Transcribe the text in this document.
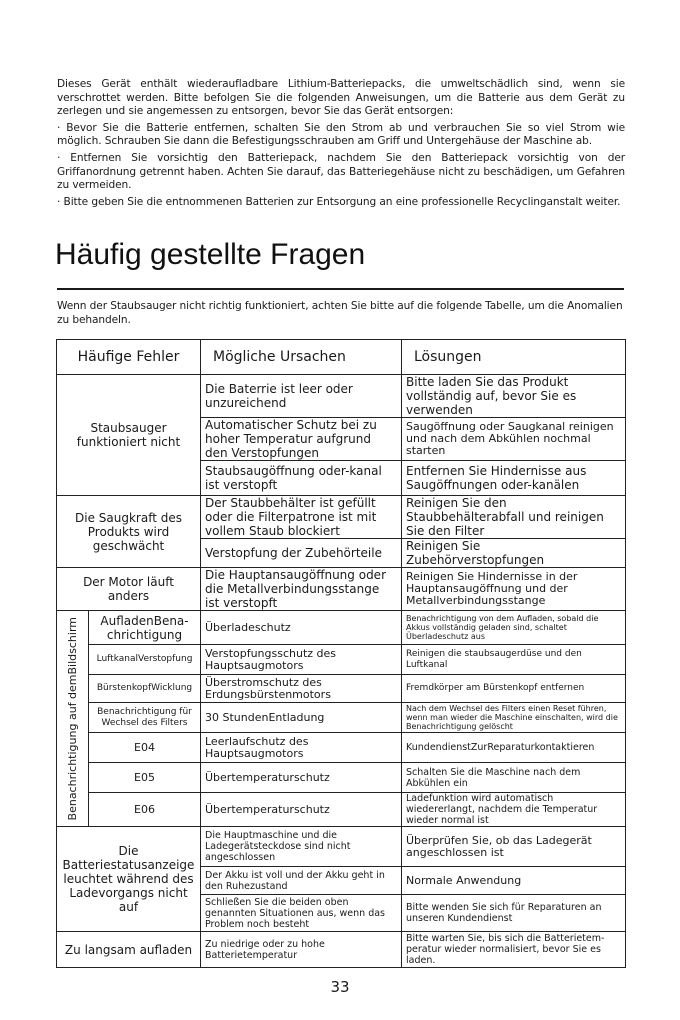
Dieses Gerät enthält wiederaufladbare Lithium-Batteriepacks, die umweltschädlich sind, wenn sie verschrottet werden. Bitte befolgen Sie die folgenden Anweisungen, um die Batterie aus dem Gerät zu zerlegen und sie angemessen zu entsorgen, bevor Sie das Gerät entsorgen:

· Bevor Sie die Batterie entfernen, schalten Sie den Strom ab und verbrauchen Sie so viel Strom wie möglich. Schrauben Sie dann die Befestigungsschrauben am Griff und Untergehäuse der Maschine ab.

· Entfernen Sie vorsichtig den Batteriepack, nachdem Sie den Batteriepack vorsichtig von der Griffanordnung getrennt haben. Achten Sie darauf, das Batteriegehäuse nicht zu beschädigen, um Gefahren zu vermeiden.

· Bitte geben Sie die entnommenen Batterien zur Entsorgung an eine professionelle Recyclinganstalt weiter.

Häufig gestellte Fragen
Wenn der Staubsauger nicht richtig funktioniert, achten Sie bitte auf die folgende Tabelle, um die Anomalien zu behandeln.
Häufige Fehler		Mögliche Ursachen	Lösungen
Staubsauger funktioniert nicht		Die Baterrie ist leer oder unzureichend	Bitte laden Sie das Produkt vollständig auf, bevor Sie es verwenden
		Automatischer Schutz bei zu hoher Temperatur aufgrund den Verstopfungen	Saugöffnung oder Saugkanal reinigen und nach dem Abkühlen nochmal starten
		Staubsaugöffnung oder-kanal ist verstopft	Entfernen Sie Hindernisse aus Saugöffnungen oder-kanälen
Die Saugkraft des Produkts wird geschwächt		Der Staubbehälter ist gefüllt oder die Filterpatrone ist mit vollem Staub blockiert	Reinigen Sie den Staubbehälterabfall und reinigen Sie den Filter
		Verstopfung der Zubehörteile	Reinigen Sie Zubehörverstopfungen
Der Motor läuft anders		Die Hauptansaugöffnung oder die Metallverbindungsstange ist verstopft	Reinigen Sie Hindernisse in der Hauptansaugöffnung und der Metallverbindungsstange

Benachrichtigung auf demBildschirm	AufladenBena-chrichtigung	Überladeschutz	Benachrichtigung von dem Aufladen, sobald die Akkus vollständig geladen sind, schaltet Überladeschutz aus
	LuftkanalVerstopfung	Verstopfungsschutz des Hauptsaugmotors	Reinigen die staubsaugerdüse und den Luftkanal
	BürstenkopfWicklung	Überstromschutz des Erdungsbürstenmotors	Fremdkörper am Bürstenkopf entfernen
	Benachrichtigung für Wechsel des Filters	30 StundenEntladung	Nach dem Wechsel des Filters einen Reset führen, wenn man wieder die Maschine einschalten, wird die Benachrichtigung gelöscht
	E04	Leerlaufschutz des Hauptsaugmotors	KundendienstZurReparaturkontaktieren
	E05	Übertemperaturschutz	Schalten Sie die Maschine nach dem Abkühlen ein
	E06	Übertemperaturschutz	Ladefunktion wird automatisch wiedererlangt, nachdem die Temperatur wieder normal ist
Die Batteriestatusanzeige leuchtet während des Ladevorgangs nicht auf		Die Hauptmaschine und die Ladegerätsteckdose sind nicht angeschlossen	Überprüfen Sie, ob das Ladegerät angeschlossen ist
		Der Akku ist voll und der Akku geht in den Ruhezustand	Normale Anwendung
		Schließen Sie die beiden oben genannten Situationen aus, wenn das Problem noch besteht	Bitte wenden Sie sich für Reparaturen an unseren Kundendienst
Zu langsam aufladen		Zu niedrige oder zu hohe Batterietemperatur	Bitte warten Sie, bis sich die Batterietem-peratur wieder normalisiert, bevor Sie es laden.
33
